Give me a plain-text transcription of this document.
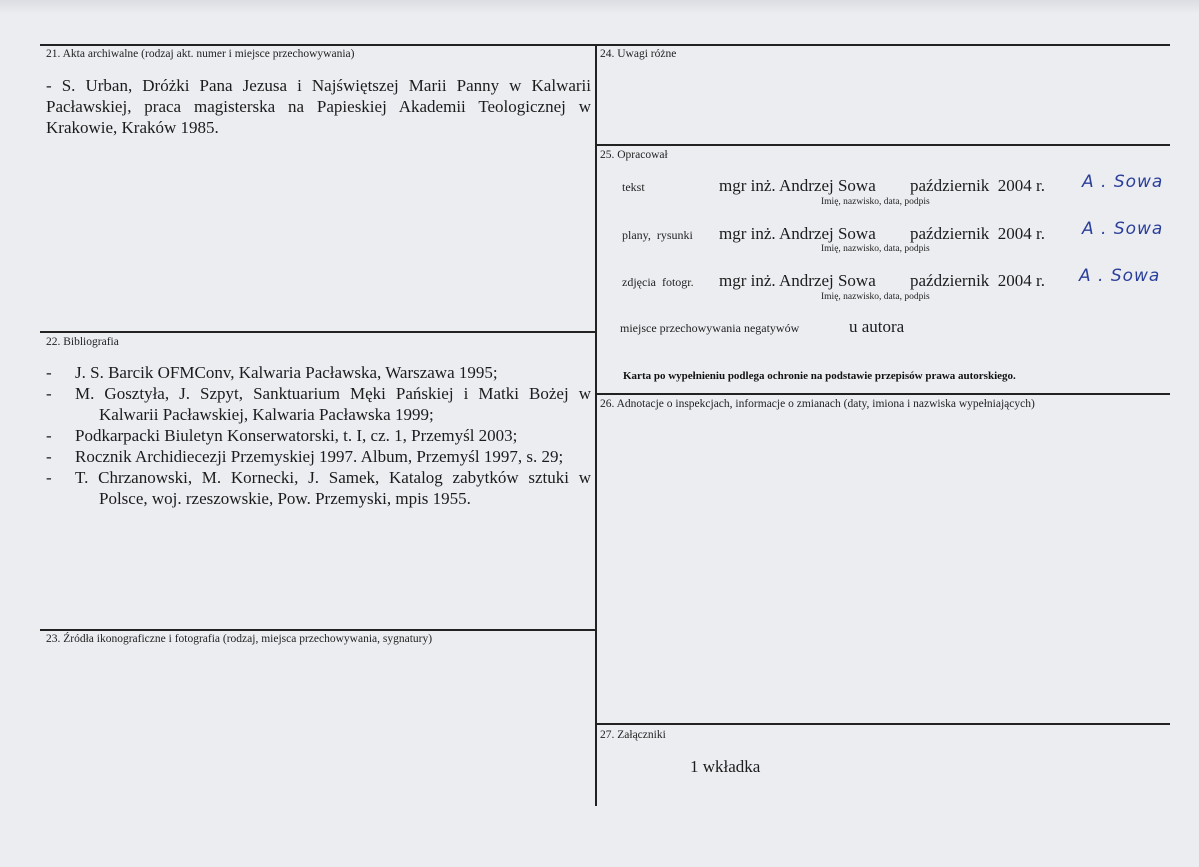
21. Akta archiwalne (rodzaj akt. numer i miejsce przechowywania)
- S. Urban, Dróżki Pana Jezusa i Najświętszej Marii Panny w Kalwarii Pacławskiej, praca magisterska na Papieskiej Akademii Teologicznej w Krakowie, Kraków 1985.
22. Bibliografia
- J. S. Barcik OFMConv, Kalwaria Pacławska, Warszawa 1995;
- M. Gosztyła, J. Szpyt, Sanktuarium Męki Pańskiej i Matki Bożej w Kalwarii Pacławskiej, Kalwaria Pacławska 1999;
- Podkarpacki Biuletyn Konserwatorski, t. I, cz. 1, Przemyśl 2003;
- Rocznik Archidiecezji Przemyskiej 1997. Album, Przemyśl 1997, s. 29;
- T. Chrzanowski, M. Kornecki, J. Samek, Katalog zabytków sztuki w Polsce, woj. rzeszowskie, Pow. Przemyski, mpis 1955.
23. Źródła ikonograficzne i fotografia (rodzaj, miejsca przechowywania, sygnatury)
24. Uwagi różne
25. Opracował
tekst	mgr inż. Andrzej Sowa październik  2004 r.
Imię, nazwisko, data, podpis
A . Sowa
plany,  rysunki mgr inż. Andrzej Sowa październik  2004 r.
Imię, nazwisko, data, podpis
A . Sowa
zdjęcia  fotogr. mgr inż. Andrzej Sowa październik  2004 r.
Imię, nazwisko, data, podpis
A . Sowa
miejsce przechowywania negatywów	u autora
Karta po wypełnieniu podlega ochronie na podstawie przepisów prawa autorskiego.
26. Adnotacje o inspekcjach, informacje o zmianach (daty, imiona i nazwiska wypełniających)
27. Załączniki
1 wkładka
